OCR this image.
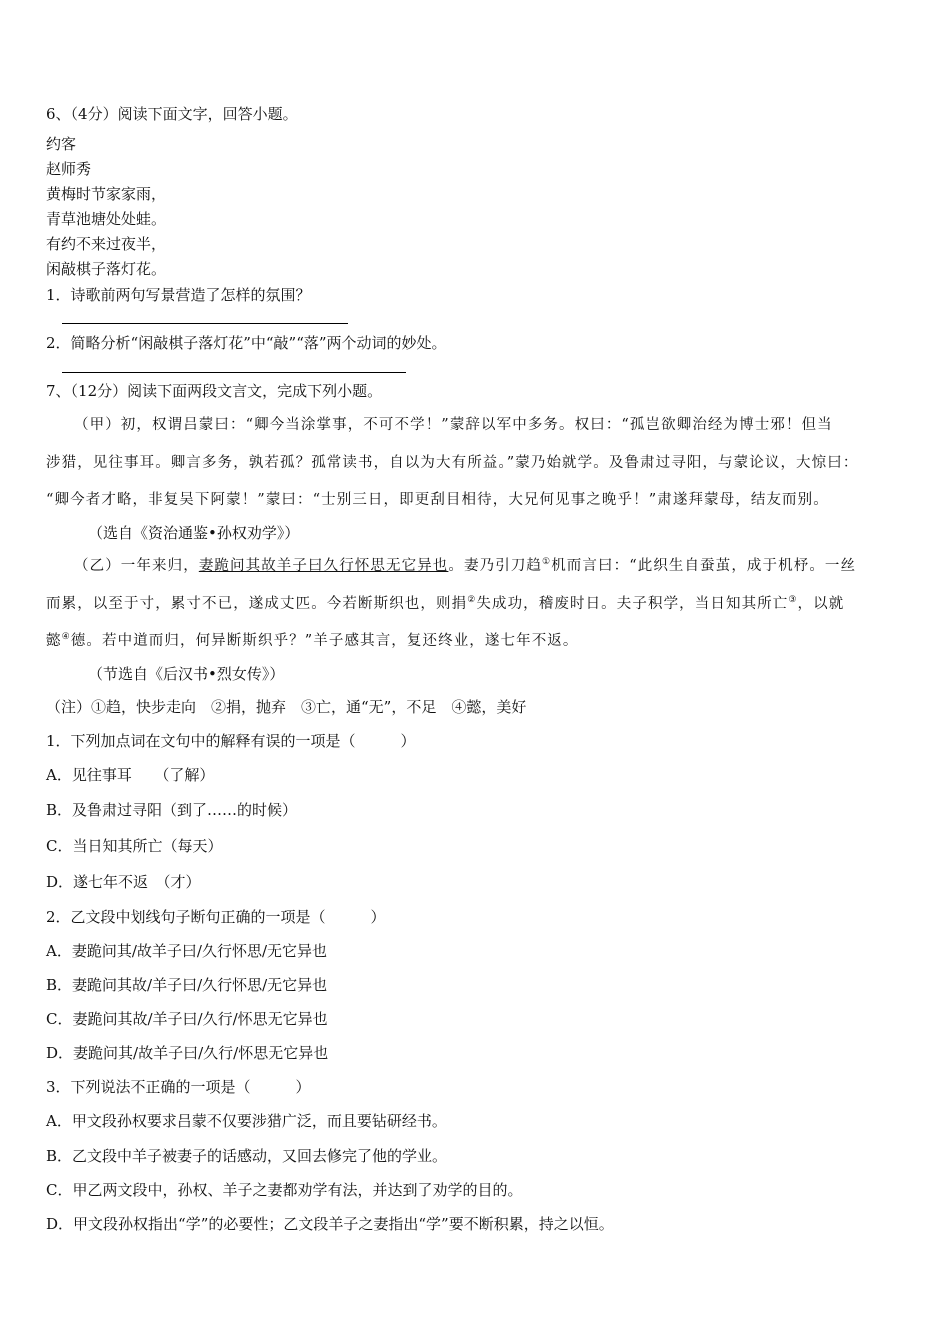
6、（4分）阅读下面文字，回答小题。
约客
赵师秀
黄梅时节家家雨，
青草池塘处处蛙。
有约不来过夜半，
闲敲棋子落灯花。
1．诗歌前两句写景营造了怎样的氛围？
2．简略分析“闲敲棋子落灯花”中“敲”“落”两个动词的妙处。
7、（12分）阅读下面两段文言文，完成下列小题。
（甲）初，权谓吕蒙曰：“卿今当涂掌事，不可不学！”蒙辞以军中多务。权曰：“孤岂欲卿治经为博士邪！但当
涉猎，见往事耳。卿言多务，孰若孤？孤常读书，自以为大有所益。”蒙乃始就学。及鲁肃过寻阳，与蒙论议，大惊曰：
“卿今者才略，非复吴下阿蒙！”蒙曰：“士别三日，即更刮目相待，大兄何见事之晚乎！”肃遂拜蒙母，结友而别。
（选自《资治通鉴•孙权劝学》）
（乙）一年来归，妻跪问其故羊子曰久行怀思无它异也。妻乃引刀趋①机而言曰：“此织生自蚕茧，成于机杼。一丝
而累，以至于寸，累寸不已，遂成丈匹。今若断斯织也，则捐②失成功，稽废时日。夫子积学，当日知其所亡③，以就
懿④德。若中道而归，何异断斯织乎？”羊子感其言，复还终业，遂七年不返。
（节选自《后汉书•烈女传》）
（注）①趋，快步走向　②捐，抛弃　③亡，通“无”，不足　④懿，美好
1．下列加点词在文句中的解释有误的一项是（　　　）
A．见往事耳　　（了解）
B．及鲁肃过寻阳（到了……的时候）
C．当日知其所亡（每天）
D．遂七年不返　（才）
2．乙文段中划线句子断句正确的一项是（　　　）
A．妻跪问其/故羊子曰/久行怀思/无它异也
B．妻跪问其故/羊子曰/久行怀思/无它异也
C．妻跪问其故/羊子曰/久行/怀思无它异也
D．妻跪问其/故羊子曰/久行/怀思无它异也
3．下列说法不正确的一项是（　　　）
A．甲文段孙权要求吕蒙不仅要涉猎广泛，而且要钻研经书。
B．乙文段中羊子被妻子的话感动，又回去修完了他的学业。
C．甲乙两文段中，孙权、羊子之妻都劝学有法，并达到了劝学的目的。
D．甲文段孙权指出“学”的必要性；乙文段羊子之妻指出“学”要不断积累，持之以恒。
